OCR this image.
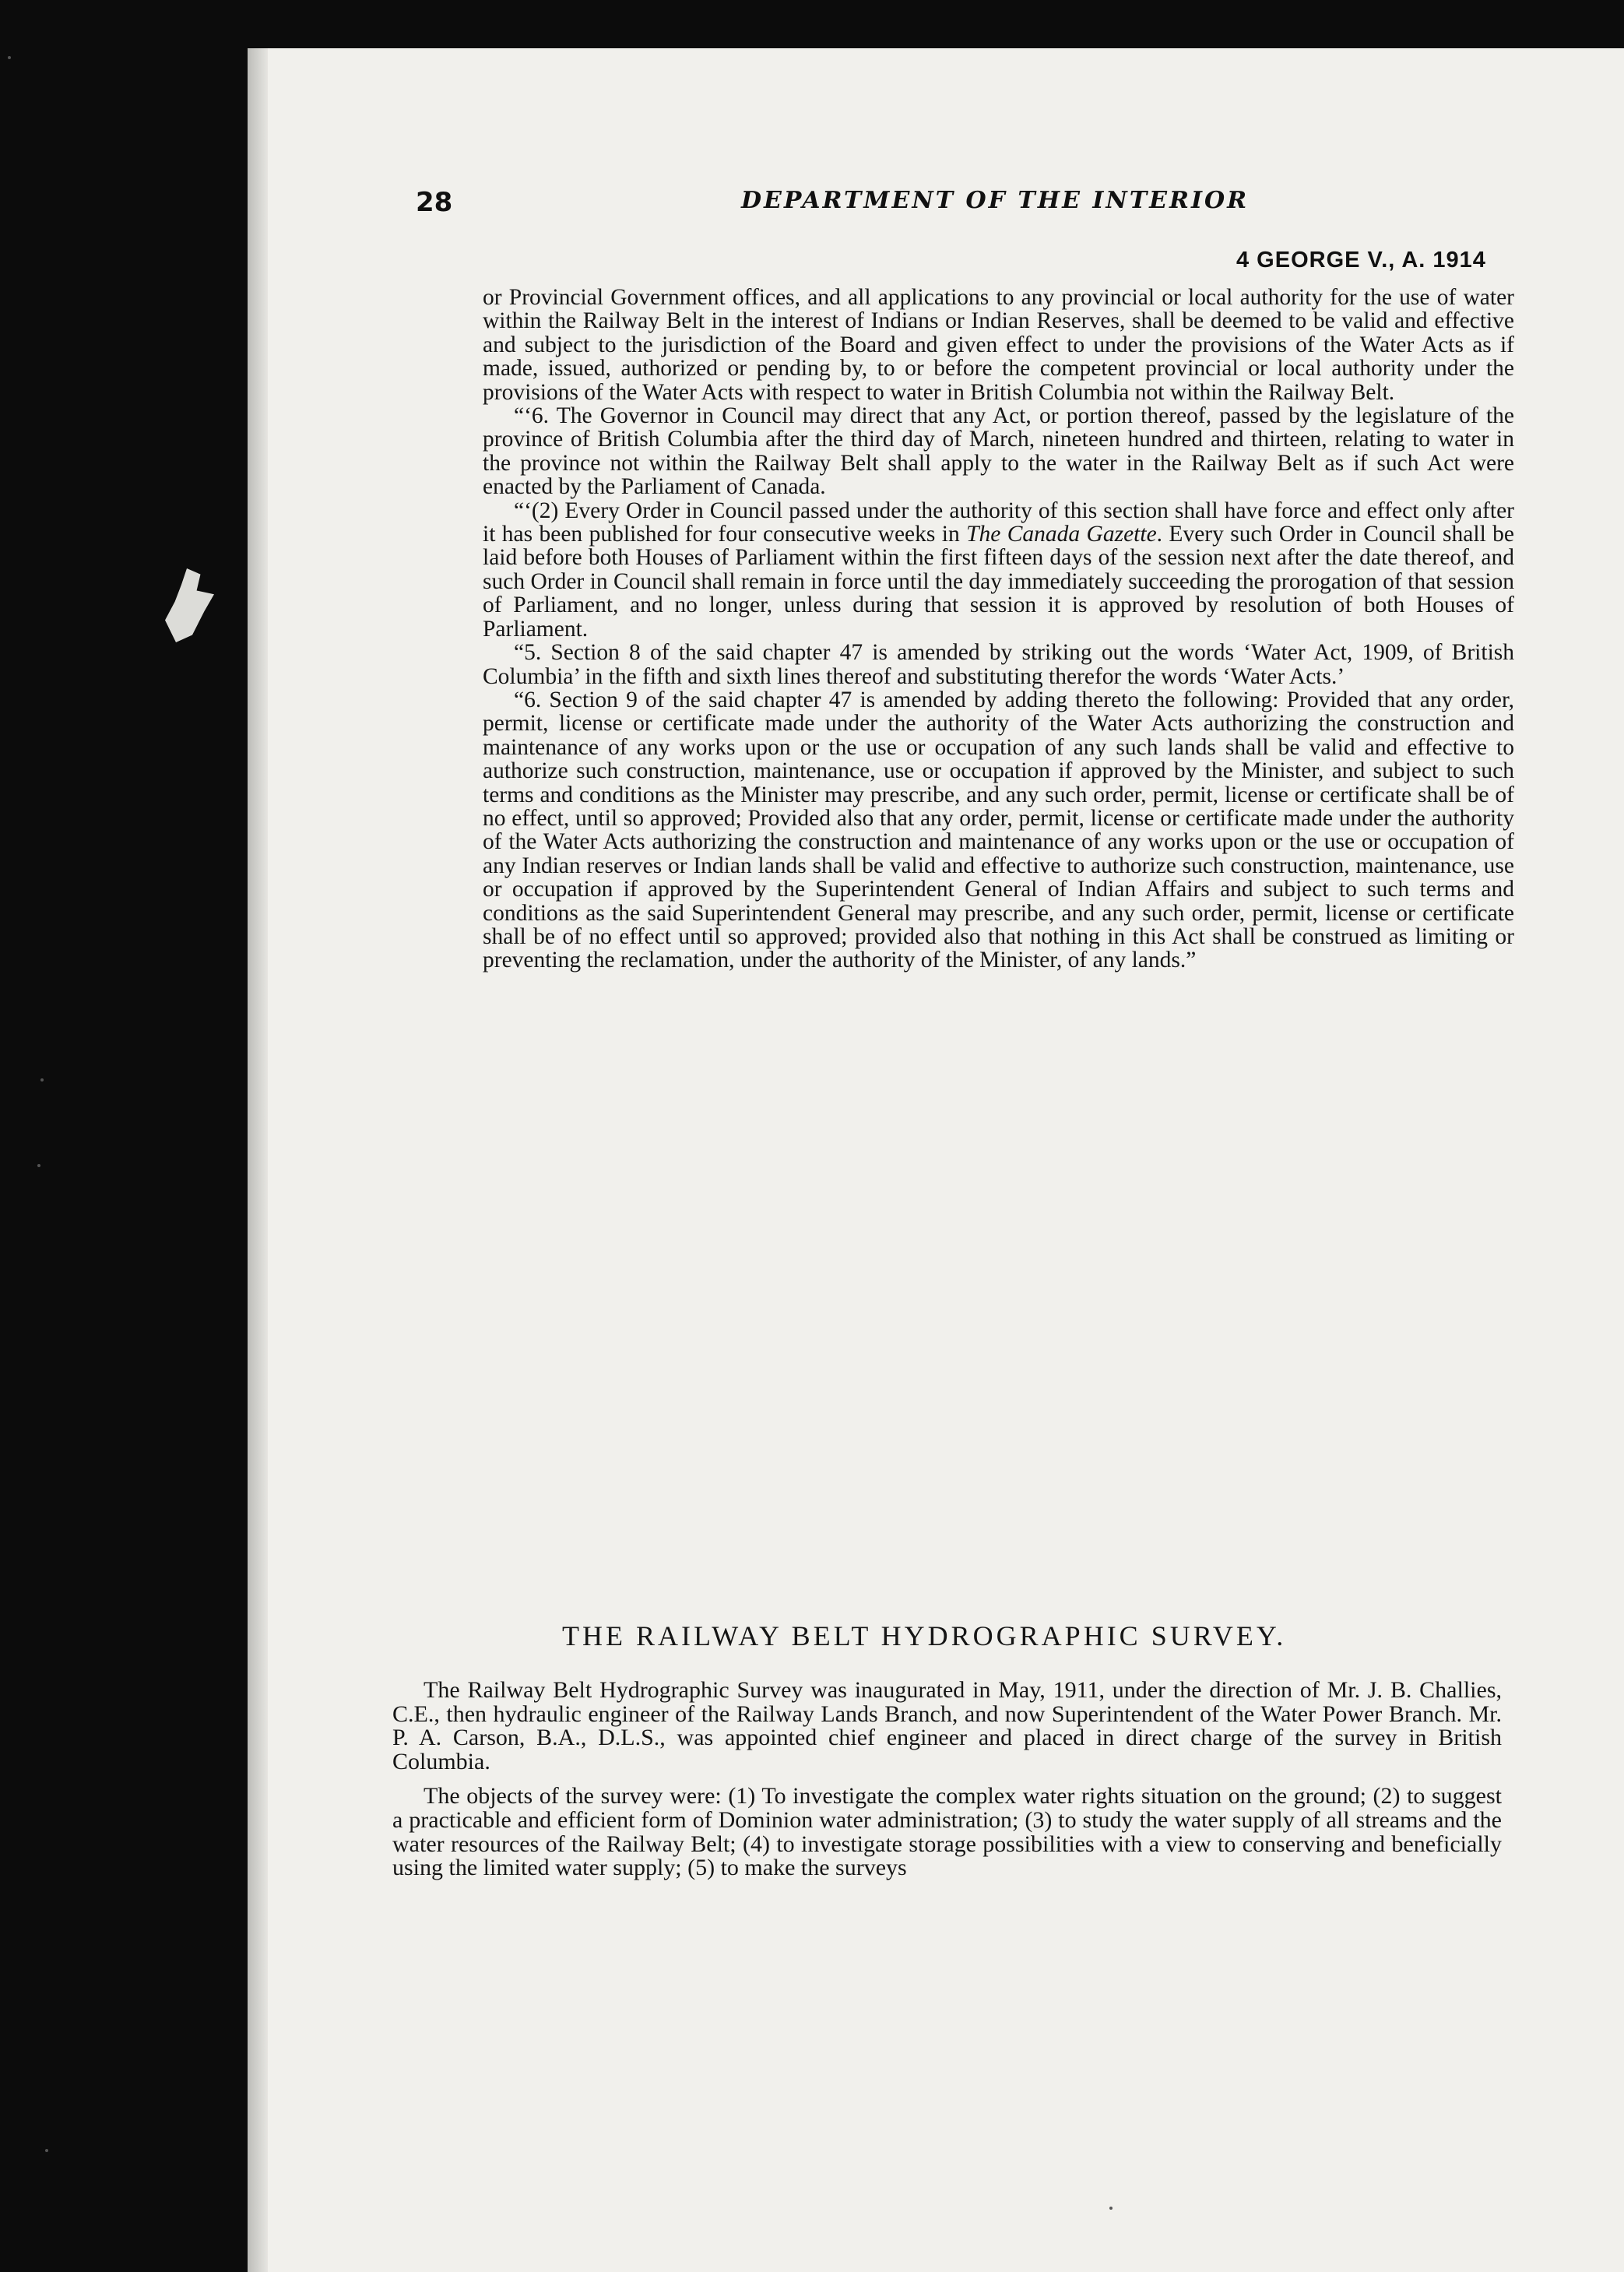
28	DEPARTMENT OF THE INTERIOR
4 GEORGE V., A. 1914

or Provincial Government offices, and all applications to any provincial or local authority for the use of water within the Railway Belt in the interest of Indians or Indian Reserves, shall be deemed to be valid and effective and subject to the jurisdiction of the Board and given effect to under the provisions of the Water Acts as if made, issued, authorized or pending by, to or before the competent provincial or local authority under the provisions of the Water Acts with respect to water in British Columbia not within the Railway Belt.

“‘6. The Governor in Council may direct that any Act, or portion thereof, passed by the legislature of the province of British Columbia after the third day of March, nineteen hundred and thirteen, relating to water in the province not within the Railway Belt shall apply to the water in the Railway Belt as if such Act were enacted by the Parliament of Canada.

“‘(2) Every Order in Council passed under the authority of this section shall have force and effect only after it has been published for four consecutive weeks in The Canada Gazette. Every such Order in Council shall be laid before both Houses of Parliament within the first fifteen days of the session next after the date thereof, and such Order in Council shall remain in force until the day immediately succeeding the prorogation of that session of Parliament, and no longer, unless during that session it is approved by resolution of both Houses of Parliament.

“5. Section 8 of the said chapter 47 is amended by striking out the words ‘Water Act, 1909, of British Columbia’ in the fifth and sixth lines thereof and substituting therefor the words ‘Water Acts.’

“6. Section 9 of the said chapter 47 is amended by adding thereto the following: Provided that any order, permit, license or certificate made under the authority of the Water Acts authorizing the construction and maintenance of any works upon or the use or occupation of any such lands shall be valid and effective to authorize such construction, maintenance, use or occupation if approved by the Minister, and subject to such terms and conditions as the Minister may prescribe, and any such order, permit, license or certificate shall be of no effect, until so approved; Provided also that any order, permit, license or certificate made under the authority of the Water Acts authorizing the construction and maintenance of any works upon or the use or occupation of any Indian reserves or Indian lands shall be valid and effective to authorize such construction, maintenance, use or occupation if approved by the Superintendent General of Indian Affairs and subject to such terms and conditions as the said Superintendent General may prescribe, and any such order, permit, license or certificate shall be of no effect until so approved; provided also that nothing in this Act shall be construed as limiting or preventing the reclamation, under the authority of the Minister, of any lands.”

THE RAILWAY BELT HYDROGRAPHIC SURVEY.

The Railway Belt Hydrographic Survey was inaugurated in May, 1911, under the direction of Mr. J. B. Challies, C.E., then hydraulic engineer of the Railway Lands Branch, and now Superintendent of the Water Power Branch. Mr. P. A. Carson, B.A., D.L.S., was appointed chief engineer and placed in direct charge of the survey in British Columbia.

The objects of the survey were: (1) To investigate the complex water rights situation on the ground; (2) to suggest a practicable and efficient form of Dominion water administration; (3) to study the water supply of all streams and the water resources of the Railway Belt; (4) to investigate storage possibilities with a view to conserving and beneficially using the limited water supply; (5) to make the surveys
